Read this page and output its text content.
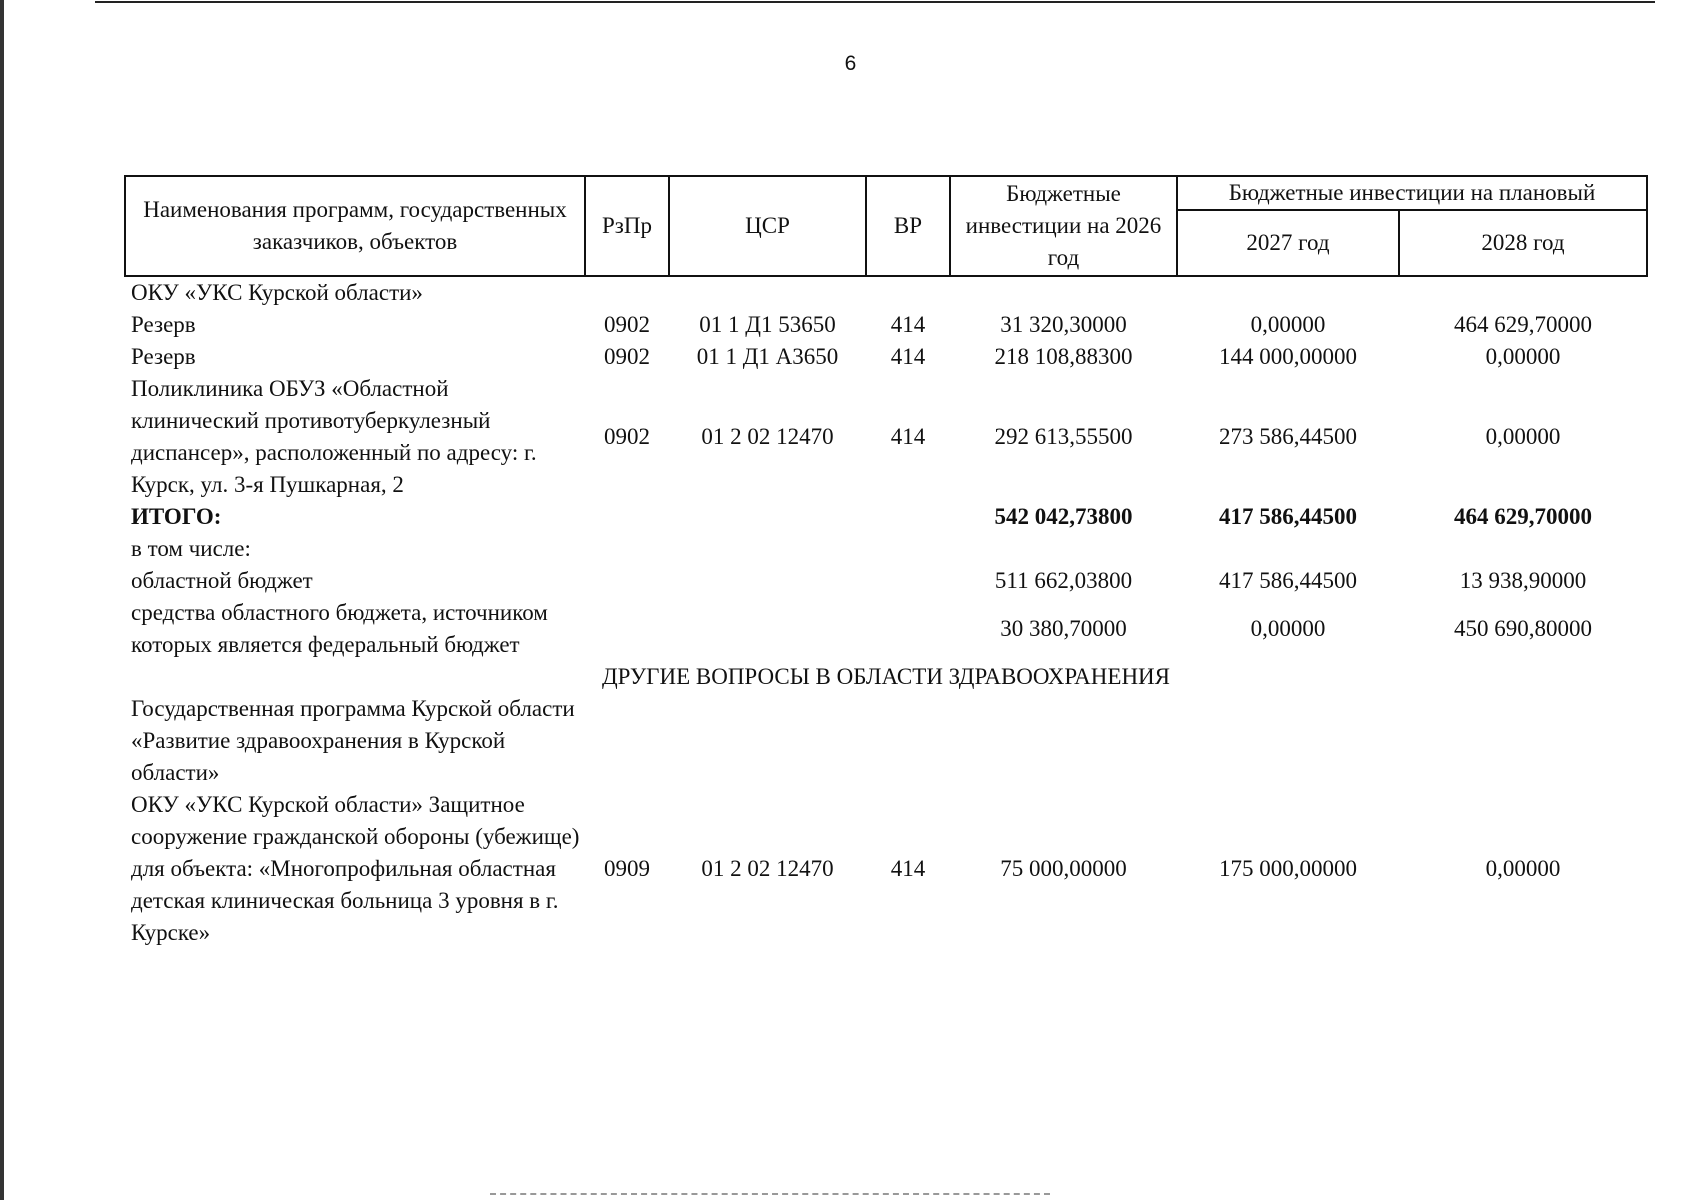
6
Наименования программ, государственных заказчиков, объектов	РзПр	ЦСР	ВР	Бюджетные инвестиции на 2026 год	Бюджетные инвестиции на плановый	
					2027 год	2028 год
ОКУ «УКС Курской области»						
Резерв	0902	01 1 Д1 53650	414	31 320,30000	0,00000	464 629,70000
Резерв	0902	01 1 Д1 А3650	414	218 108,88300	144 000,00000	0,00000
Поликлиника ОБУЗ «Областной клинический противотуберкулезный диспансер», расположенный по адресу: г. Курск, ул. 3-я Пушкарная, 2	0902	01 2 02 12470	414	292 613,55500	273 586,44500	0,00000
ИТОГО:				542 042,73800	417 586,44500	464 629,70000
в том числе:						
областной бюджет				511 662,03800	417 586,44500	13 938,90000
средства областного бюджета, источником которых является федеральный бюджет				30 380,70000	0,00000	450 690,80000
ДРУГИЕ ВОПРОСЫ В ОБЛАСТИ ЗДРАВООХРАНЕНИЯ						
Государственная программа Курской области «Развитие здравоохранения в Курской области»						
ОКУ «УКС Курской области» Защитное сооружение гражданской обороны (убежище) для объекта: «Многопрофильная областная детская клиническая больница 3 уровня в г. Курске»	0909	01 2 02 12470	414	75 000,00000	175 000,00000	0,00000
